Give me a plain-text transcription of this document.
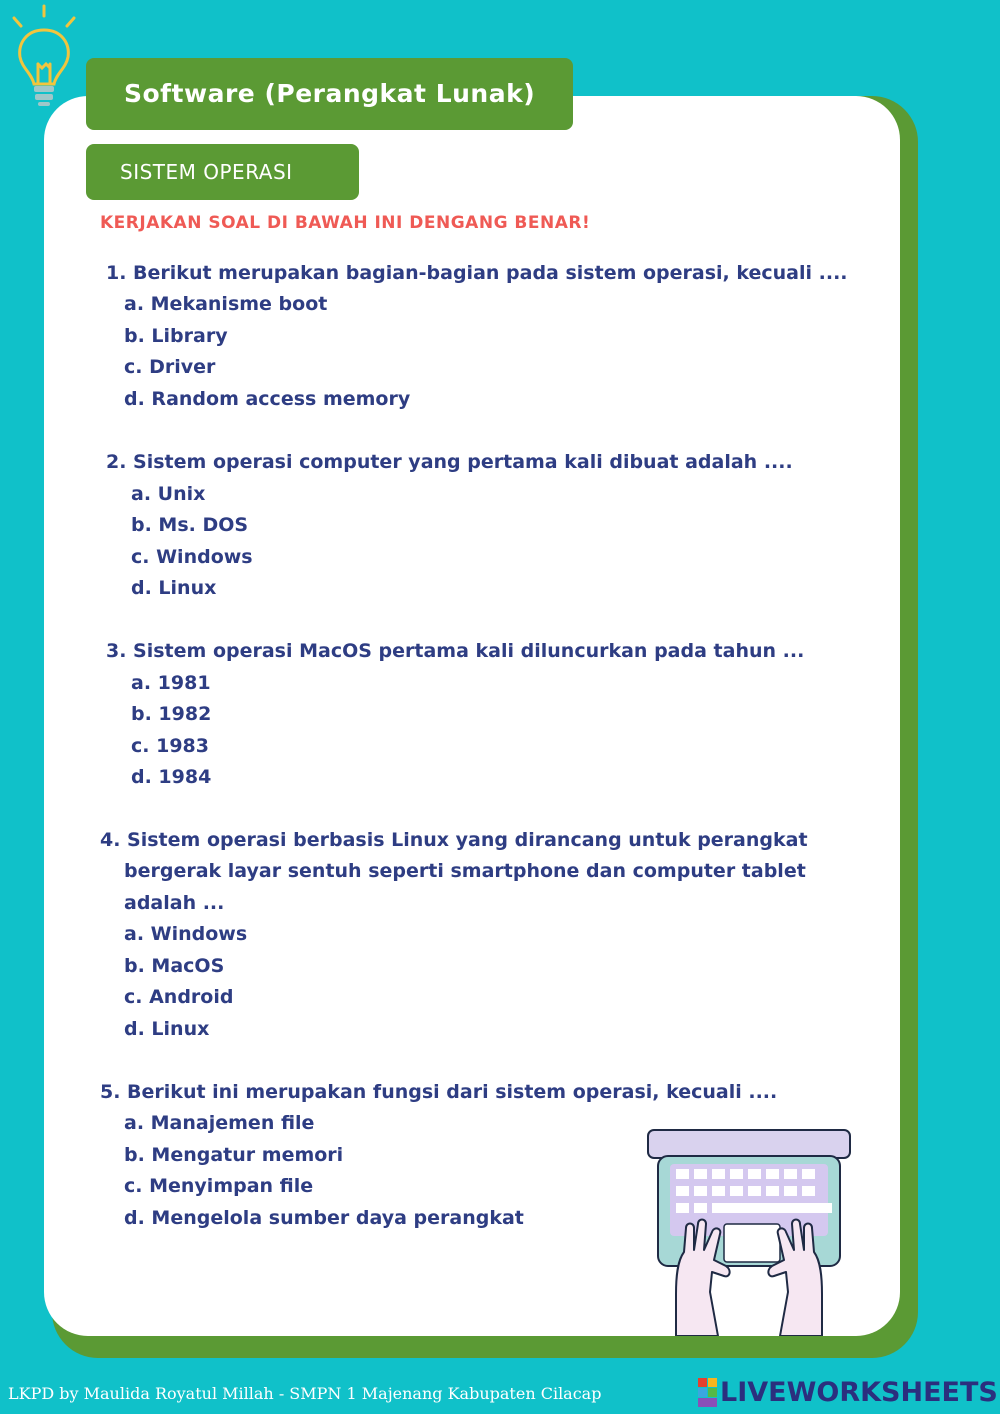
Software (Perangkat Lunak)
SISTEM OPERASI
KERJAKAN SOAL DI BAWAH INI DENGANG BENAR!
1. Berikut merupakan bagian-bagian pada sistem operasi, kecuali ....
a. Mekanisme boot
b. Library
c. Driver
d. Random access memory
2. Sistem operasi computer yang pertama kali dibuat adalah ....
a. Unix
b. Ms. DOS
c. Windows
d. Linux
3. Sistem operasi MacOS pertama kali diluncurkan pada tahun ...
a. 1981
b. 1982
c. 1983
d. 1984
4. Sistem operasi berbasis Linux yang dirancang untuk perangkat
bergerak layar sentuh seperti smartphone dan computer tablet
adalah ...
a. Windows
b. MacOS
c. Android
d. Linux
5. Berikut ini merupakan fungsi dari sistem operasi, kecuali ....
a. Manajemen file
b. Mengatur memori
c. Menyimpan file
d. Mengelola sumber daya perangkat
LKPD by Maulida Royatul Millah - SMPN 1 Majenang Kabupaten Cilacap	LIVEWORKSHEETS
